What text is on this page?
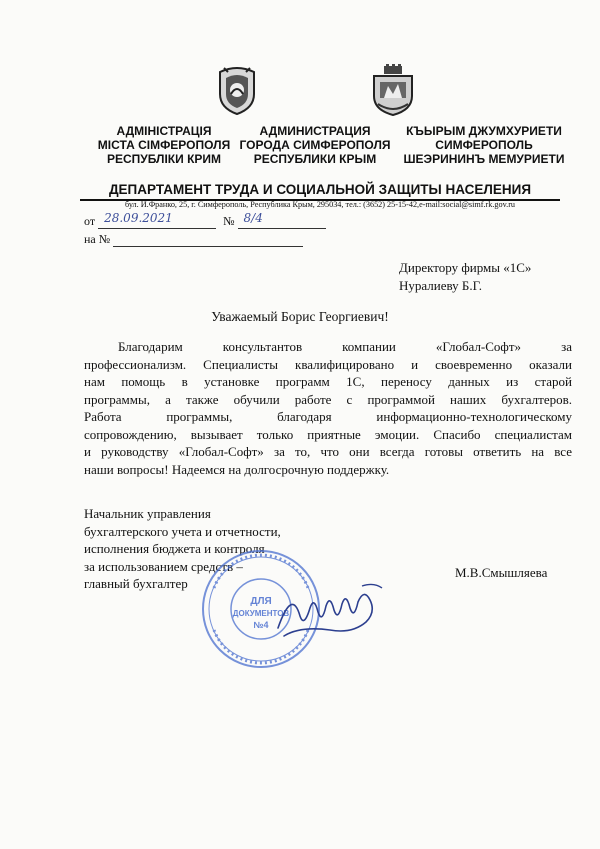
АДМІНІСТРАЦІЯ
МІСТА СІМФЕРОПОЛЯ
РЕСПУБЛІКИ КРИМ
АДМИНИСТРАЦИЯ
ГОРОДА СИМФЕРОПОЛЯ
РЕСПУБЛИКИ КРЫМ
КЪЫРЫМ ДЖУМХУРИЕТИ
СИМФЕРОПОЛЬ
ШЕЭРИНИНЪ МЕМУРИЕТИ
ДЕПАРТАМЕНТ ТРУДА И СОЦИАЛЬНОЙ ЗАЩИТЫ НАСЕЛЕНИЯ
бул. И.Франко, 25, г. Симферополь, Республика Крым, 295034, тел.: (3652) 25-15-42,e-mail:social@simf.rk.gov.ru
от 28.09.2021	№ 8/4
на №
Директору фирмы «1С»
Нуралиеву Б.Г.
Уважаемый Борис Георгиевич!
Благодарим консультантов компании «Глобал-Софт» за
профессионализм. Специалисты квалифицировано и своевременно оказали
нам помощь в установке программ 1С, переносу данных из старой
программы, а также обучили работе с программой наших бухгалтеров.
Работа программы, благодаря информационно-технологическому
сопровождению, вызывает только приятные эмоции. Спасибо специалистам
и руководству «Глобал-Софт» за то, что они всегда готовы ответить на все
наши вопросы! Надеемся на долгосрочную поддержку.
Начальник управления
бухгалтерского учета и отчетности,
исполнения бюджета и контроля
за использованием средств –
главный бухгалтер
М.В.Смышляева
ДЛЯ
ДОКУМЕНТОВ
№4
